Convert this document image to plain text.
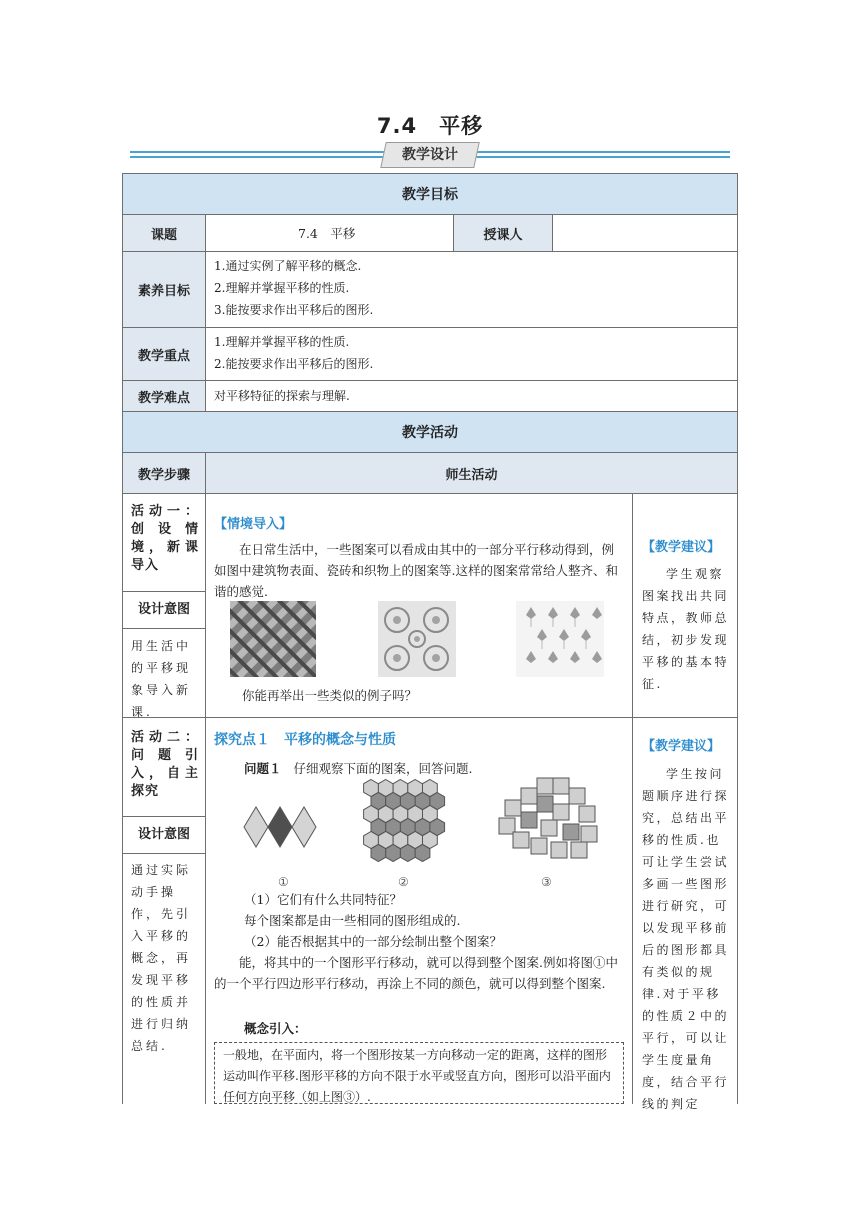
7.4　平移
教学设计
教学目标
课题	7.4　平移	授课人
素养目标
1.通过实例了解平移的概念.
2.理解并掌握平移的性质.
3.能按要求作出平移后的图形.
教学重点
1.理解并掌握平移的性质.
2.能按要求作出平移后的图形.
教学难点	对平移特征的探索与理解.
教学活动
教学步骤	师生活动
活动一：创设情境，新课导入
设计意图
用生活中的平移现象导入新课.
【情境导入】
在日常生活中，一些图案可以看成由其中的一部分平行移动得到，例如图中建筑物表面、瓷砖和织物上的图案等.这样的图案常常给人整齐、和谐的感觉.
你能再举出一些类似的例子吗？
【教学建议】
学生观察图案找出共同特点，教师总结，初步发现平移的基本特征.
活动二：问题引入，自主探究
设计意图
通过实际动手操作，先引入平移的概念，再发现平移的性质并进行归纳总结.
探究点１　平移的概念与性质
问题１ 仔细观察下面的图案，回答问题.
①	②	③
（1）它们有什么共同特征？
每个图案都是由一些相同的图形组成的.
（2）能否根据其中的一部分绘制出整个图案？
能，将其中的一个图形平行移动，就可以得到整个图案.例如将图①中的一个平行四边形平行移动，再涂上不同的颜色，就可以得到整个图案.
概念引入：
一般地，在平面内，将一个图形按某一方向移动一定的距离，这样的图形运动叫作平移.图形平移的方向不限于水平或竖直方向，图形可以沿平面内任何方向平移（如上图③）.
【教学建议】
学生按问题顺序进行探究，总结出平移的性质.也可让学生尝试多画一些图形进行研究，可以发现平移前后的图形都具有类似的规律.对于平移的性质２中的平行，可以让学生度量角度，结合平行线的判定
